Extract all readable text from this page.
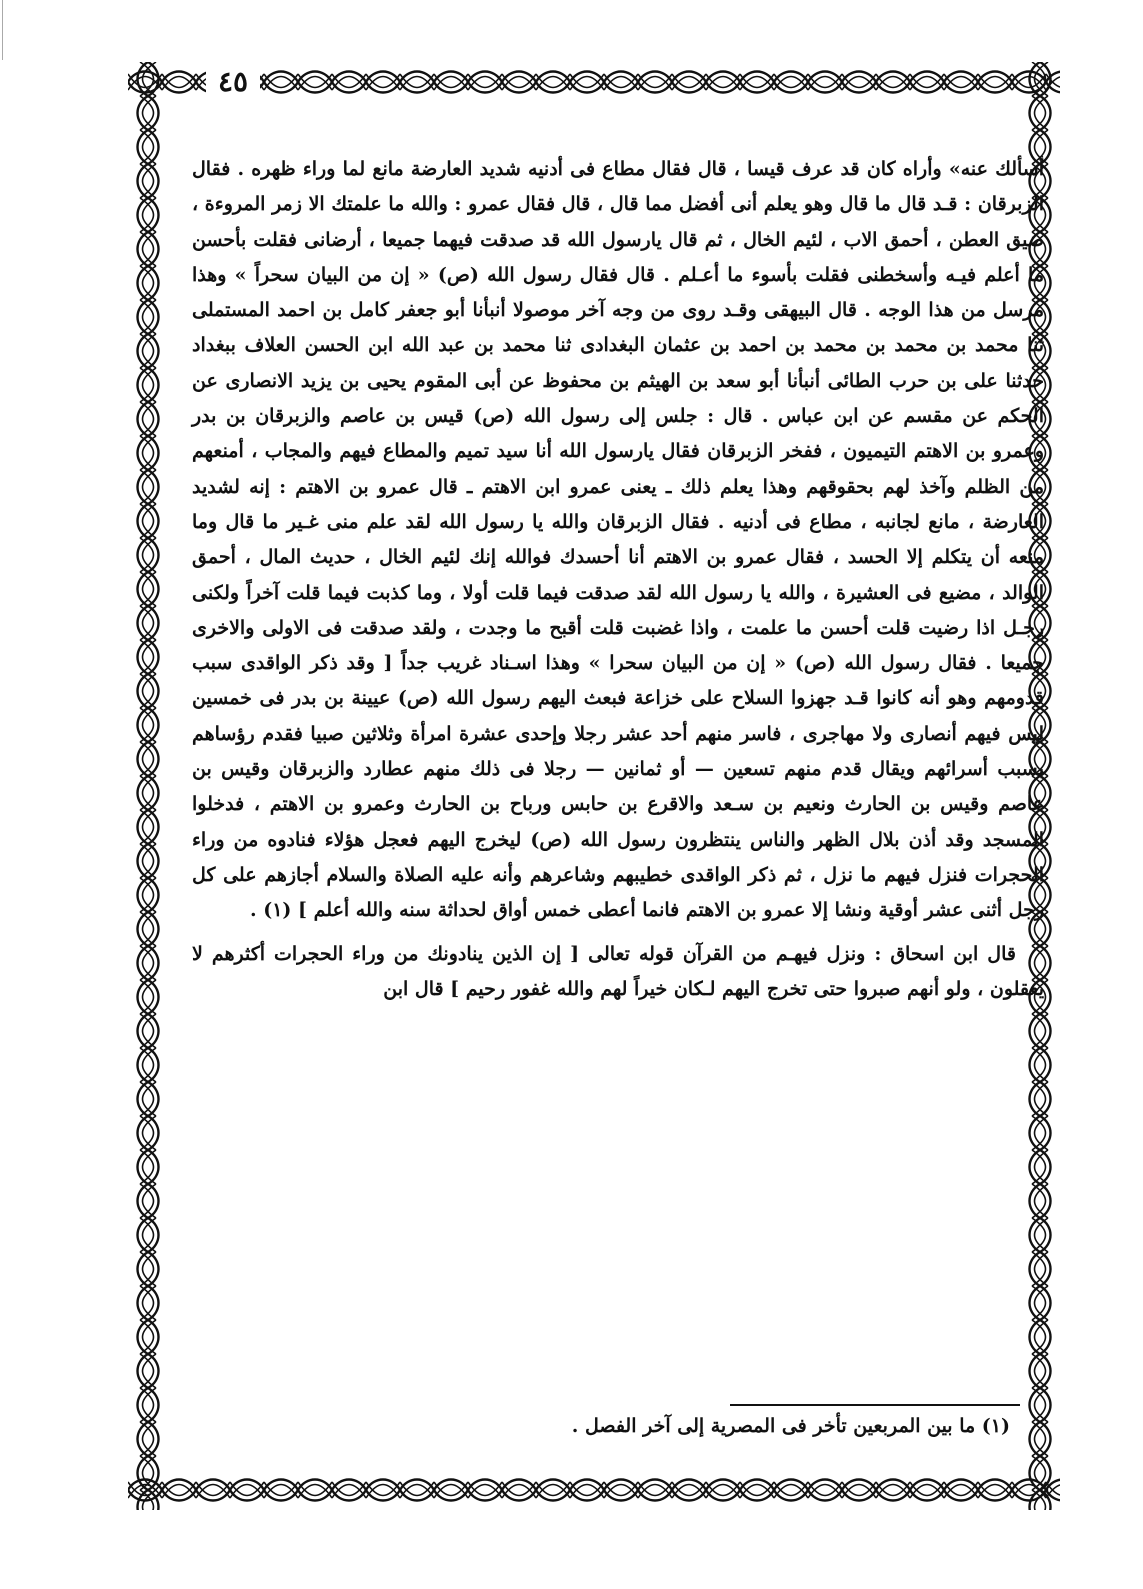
٤٥

أسألك عنه» وأراه كان قد عرف قيسا ، قال فقال مطاع فى أدنيه شديد العارضة مانع لما وراء ظهره . فقال الزبرقان : قـد قال ما قال وهو يعلم أنى أفضل مما قال ، قال فقال عمرو : والله ما علمتك الا زمر المروءة ، ضيق العطن ، أحمق الاب ، لئيم الخال ، ثم قال يارسول الله قد صدقت فيهما جميعا ، أرضانى فقلت بأحسن ما أعلم فيـه وأسخطنى فقلت بأسوء ما أعـلم . قال فقال رسول الله (ص) « إن من البيان سحراً » وهذا مرسل من هذا الوجه . قال البيهقى وقـد روى من وجه آخر موصولا أنبأنا أبو جعفر كامل بن احمد المستملى ثنا محمد بن محمد بن محمد بن احمد بن عثمان البغدادى ثنا محمد بن عبد الله ابن الحسن العلاف ببغداد حدثنا على بن حرب الطائى أنبأنا أبو سعد بن الهيثم بن محفوظ عن أبى المقوم يحيى بن يزيد الانصارى عن الحكم عن مقسم عن ابن عباس . قال : جلس إلى رسول الله (ص) قيس بن عاصم والزبرقان بن بدر وعمرو بن الاهتم التيميون ، ففخر الزبرقان فقال يارسول الله أنا سيد تميم والمطاع فيهم والمجاب ، أمنعهم من الظلم وآخذ لهم بحقوقهم وهذا يعلم ذلك ـ يعنى عمرو ابن الاهتم ـ قال عمرو بن الاهتم : إنه لشديد العارضة ، مانع لجانبه ، مطاع فى أدنيه . فقال الزبرقان والله يا رسول الله لقد علم منى غـير ما قال وما منعه أن يتكلم إلا الحسد ، فقال عمرو بن الاهتم أنا أحسدك فوالله إنك لئيم الخال ، حديث المال ، أحمق الوالد ، مضيع فى العشيرة ، والله يا رسول الله لقد صدقت فيما قلت أولا ، وما كذبت فيما قلت آخراً ولكنى رجـل اذا رضيت قلت أحسن ما علمت ، واذا غضبت قلت أقبح ما وجدت ، ولقد صدقت فى الاولى والاخرى جميعا . فقال رسول الله (ص) « إن من البيان سحرا » وهذا اسـناد غريب جداً [ وقد ذكر الواقدى سبب قدومهم وهو أنه كانوا قـد جهزوا السلاح على خزاعة فبعث اليهم رسول الله (ص) عيينة بن بدر فى خمسين ليس فيهم أنصارى ولا مهاجرى ، فاسر منهم أحد عشر رجلا وإحدى عشرة امرأة وثلاثين صبيا فقدم رؤساهم بسبب أسرائهم ويقال قدم منهم تسعين — أو ثمانين — رجلا فى ذلك منهم عطارد والزبرقان وقيس بن عاصم وقيس بن الحارث ونعيم بن سـعد والاقرع بن حابس ورباح بن الحارث وعمرو بن الاهتم ، فدخلوا المسجد وقد أذن بلال الظهر والناس ينتظرون رسول الله (ص) ليخرج اليهم فعجل هؤلاء فنادوه من وراء الحجرات فنزل فيهم ما نزل ، ثم ذكر الواقدى خطيبهم وشاعرهم وأنه عليه الصلاة والسلام أجازهم على كل رجل أثنى عشر أوقية ونشا إلا عمرو بن الاهتم فانما أعطى خمس أواق لحداثة سنه والله أعلم ] (١) .

قال ابن اسحاق : ونزل فيهـم من القرآن قوله تعالى [ إن الذين ينادونك من وراء الحجرات أكثرهم لا يعقلون ، ولو أنهم صبروا حتى تخرج اليهم لـكان خيراً لهم والله غفور رحيم ] قال ابن

(١) ما بين المربعين تأخر فى المصرية إلى آخر الفصل .
